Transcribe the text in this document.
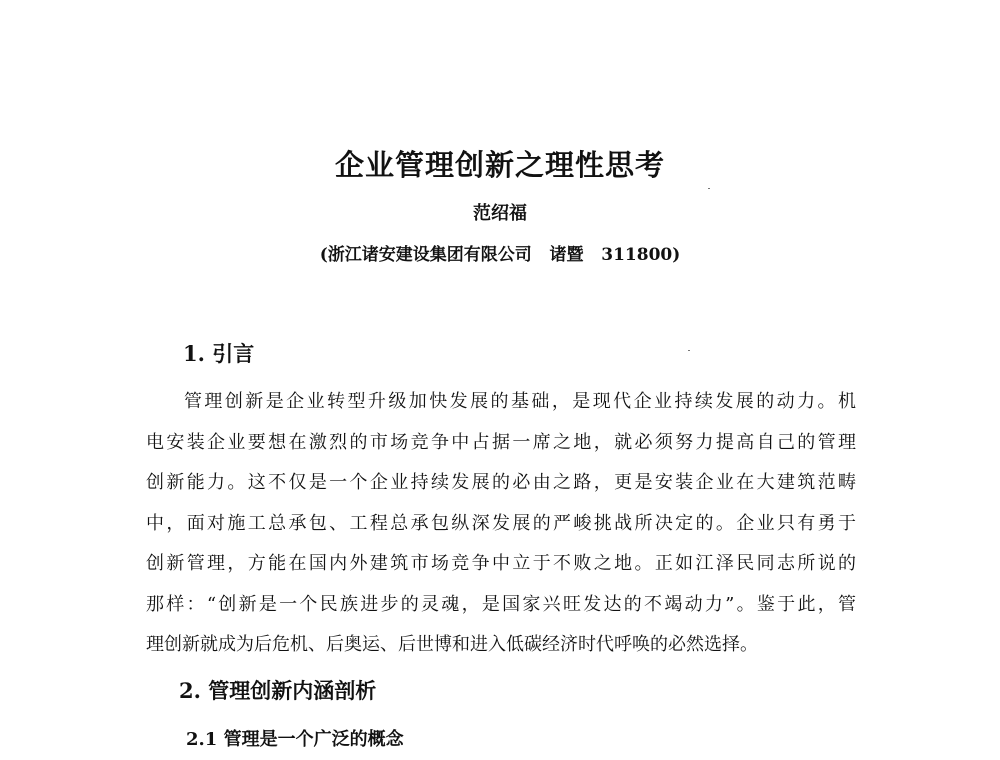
企业管理创新之理性思考
范绍福
(浙江诸安建设集团有限公司   诸暨   311800)
1. 引言
管理创新是企业转型升级加快发展的基础，是现代企业持续发展的动力。机
电安装企业要想在激烈的市场竞争中占据一席之地，就必须努力提高自己的管理
创新能力。这不仅是一个企业持续发展的必由之路，更是安装企业在大建筑范畴
中，面对施工总承包、工程总承包纵深发展的严峻挑战所决定的。企业只有勇于
创新管理，方能在国内外建筑市场竞争中立于不败之地。正如江泽民同志所说的
那样：“创新是一个民族进步的灵魂，是国家兴旺发达的不竭动力”。鉴于此，管
理创新就成为后危机、后奥运、后世博和进入低碳经济时代呼唤的必然选择。
2. 管理创新内涵剖析
2.1 管理是一个广泛的概念
